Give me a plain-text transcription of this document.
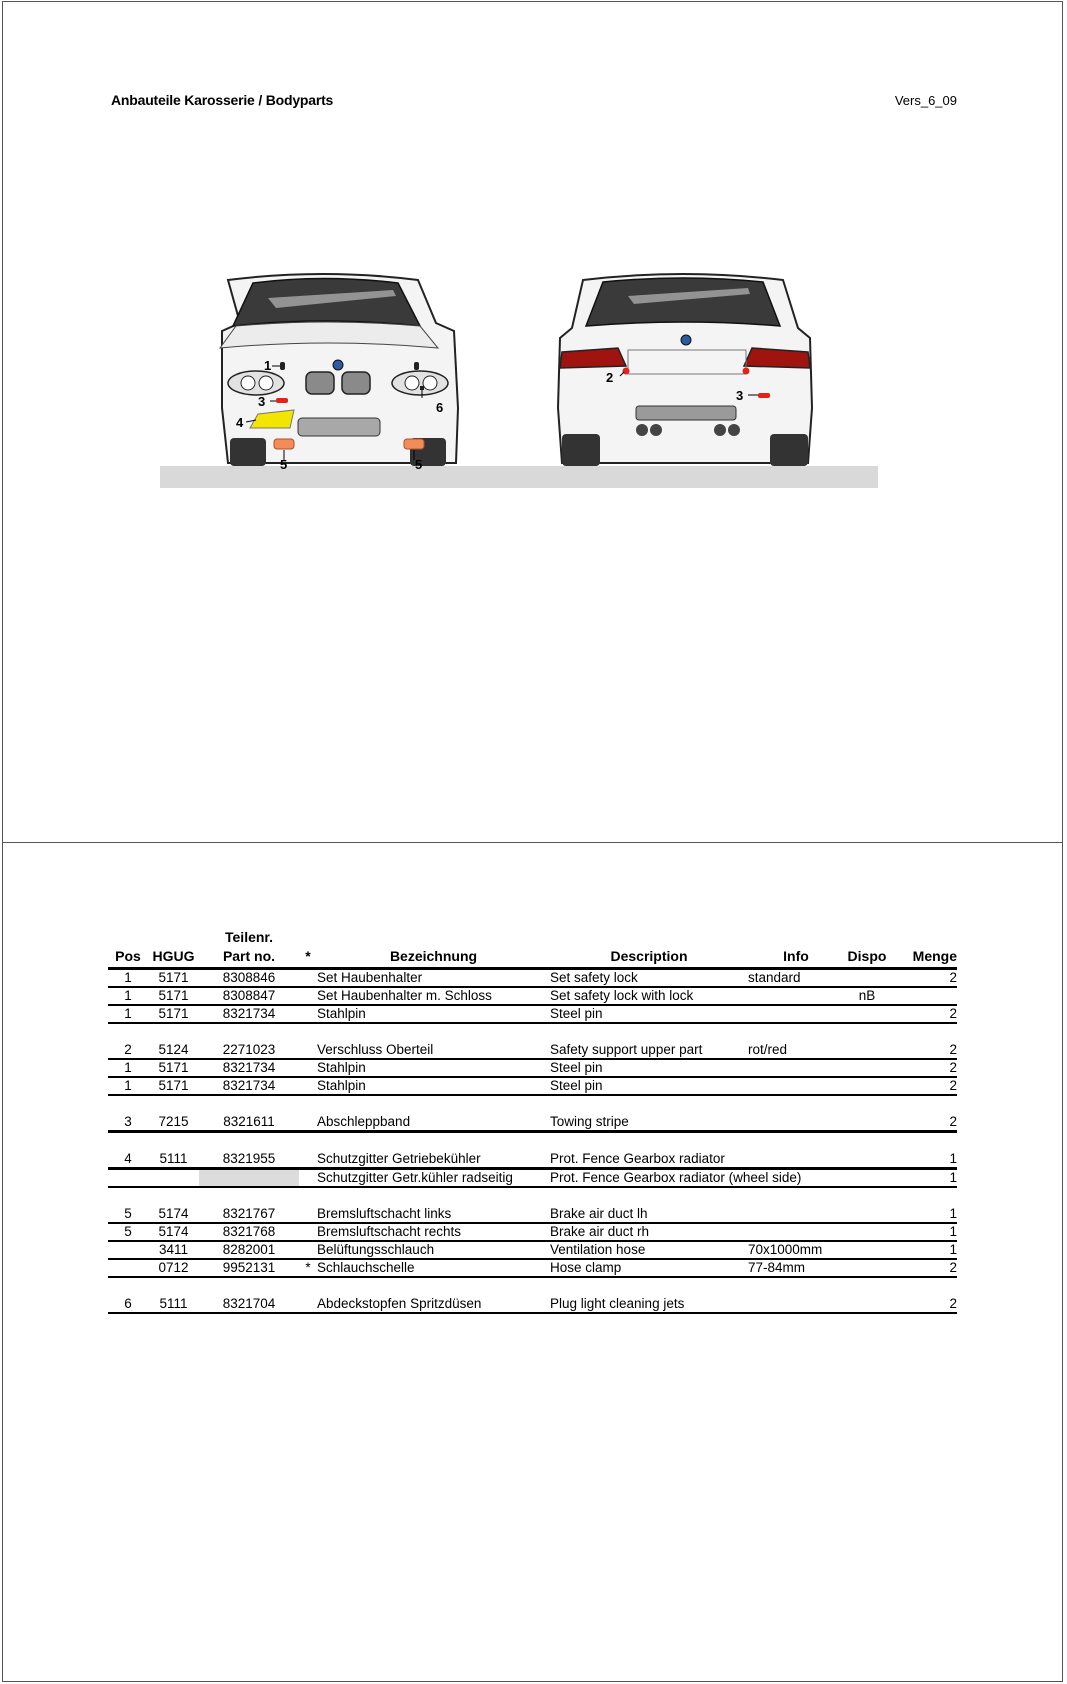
Anbauteile Karosserie / Bodyparts	Vers_6_09
1
3
4
5	5
6
2
3
Pos	HGUG	Teilenr.
Part no.	*	Bezeichnung	Description	Info	Dispo	Menge
1	5171	8308846		Set Haubenhalter	Set safety lock	standard		2
1	5171	8308847		Set Haubenhalter m. Schloss	Set safety lock with lock		nB	
1	5171	8321734		Stahlpin	Steel pin			2

2	5124	2271023		Verschluss Oberteil	Safety support upper part	rot/red		2
1	5171	8321734		Stahlpin	Steel pin			2
1	5171	8321734		Stahlpin	Steel pin			2

3	7215	8321611		Abschleppband	Towing stripe			2

4	5111	8321955		Schutzgitter Getriebekühler	Prot. Fence Gearbox radiator			1
				Schutzgitter Getr.kühler radseitig	Prot. Fence Gearbox radiator (wheel side)			1

5	5174	8321767		Bremsluftschacht links	Brake air duct lh			1
5	5174	8321768		Bremsluftschacht rechts	Brake air duct rh			1
	3411	8282001		Belüftungsschlauch	Ventilation hose	70x1000mm		1
	0712	9952131	*	Schlauchschelle	Hose clamp	77-84mm		2

6	5111	8321704		Abdeckstopfen Spritzdüsen	Plug light cleaning jets			2
